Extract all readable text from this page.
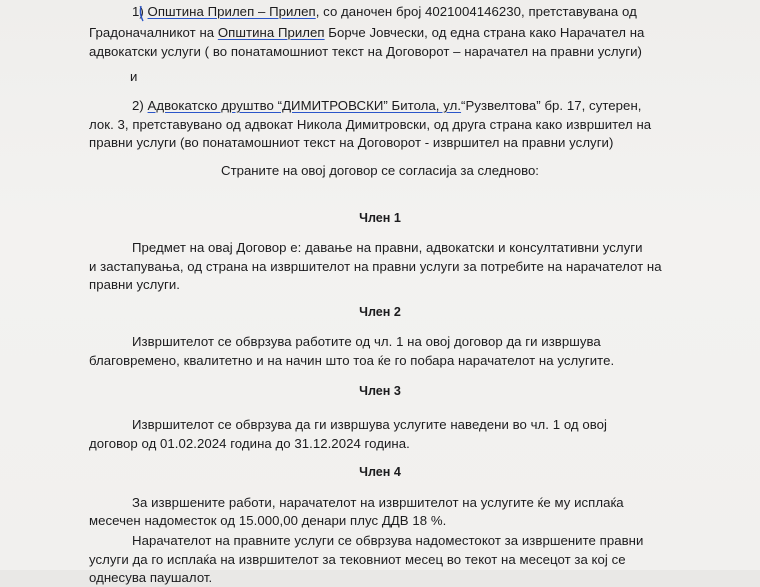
1) Општина Прилеп – Прилеп, со даночен број 4021004146230, претставувана од
Градоначалникот на Општина Прилеп Борче Јовчески, од една страна како Нарачател на
адвокатски услуги ( во понатамошниот текст на Договорот – нарачател на правни услуги)
и
2) Адвокатско друштво “ДИМИТРОВСКИ” Битола, ул.“Рузвелтова” бр. 17, сутерен,
лок. 3, претставувано од адвокат Никола Димитровски, од друга страна како извршител на
правни услуги (во понатамошниот текст на Договорот - извршител на правни услуги)
Страните на овој договор се согласија за следново:
Член 1
Предмет на овај Договор е: давање на правни, адвокатски и консултативни услуги
и застапувања, од страна на извршителот на правни услуги за потребите на нарачателот на
правни услуги.
Член 2
Извршителот се обврзува работите од чл. 1 на овој договор да ги извршува
благовремено, квалитетно и на начин што тоа ќе го побара нарачателот на услугите.
Член 3
Извршителот се обврзува да ги извршува услугите наведени во чл. 1 од овој
договор од 01.02.2024 година до 31.12.2024 година.
Член 4
За извршените работи, нарачателот на извршителот на услугите ќе му исплаќа
месечен надоместок од 15.000,00 денари плус ДДВ 18 %.
Нарачателот на правните услуги се обврзува надоместокот за извршените правни
услуги да го исплаќа на извршителот за тековниот месец во текот на месецот за кој се
однесува паушалот.
